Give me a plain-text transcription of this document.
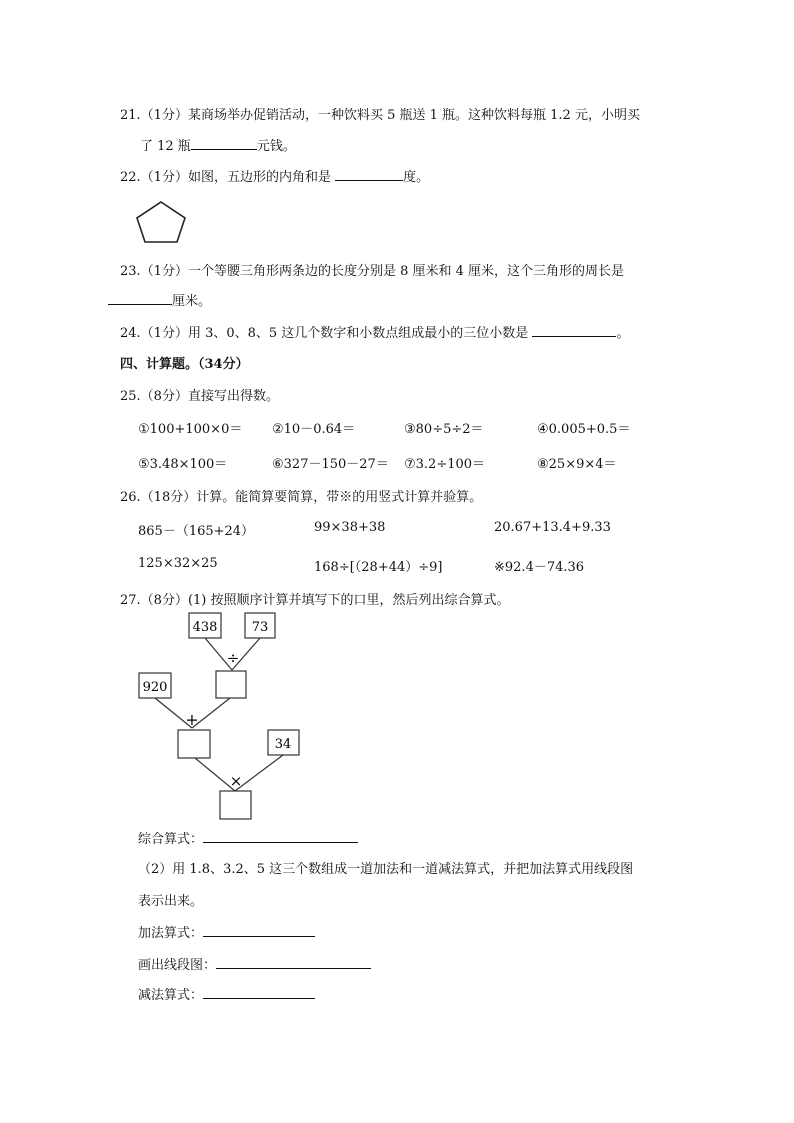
21.（1分）某商场举办促销活动，一种饮料买 5 瓶送 1 瓶。这种饮料每瓶 1.2 元，小明买
了 12 瓶	元钱。
22.（1分）如图，五边形的内角和是	度。
23.（1分）一个等腰三角形两条边的长度分别是 8 厘米和 4 厘米，这个三角形的周长是
厘米。
24.（1分）用 3、0、8、5 这几个数字和小数点组成最小的三位小数是	。
四、计算题。（34分）
25.（8分）直接写出得数。
①100+100×0＝ ②10－0.64＝	③80÷5÷2＝	④0.005+0.5＝
⑤3.48×100＝	⑥327－150－27＝ ⑦3.2÷100＝	⑧25×9×4＝
26.（18分）计算。能简算要简算，带※的用竖式计算并验算。
865－（165+24）	99×38+38	20.67+13.4+9.33
125×32×25	168÷[（28+44）÷9]	※92.4－74.36
27.（8分）(1) 按照顺序计算并填写下的口里，然后列出综合算式。
438	73
÷
920
+
34
×
综合算式：
（2）用 1.8、3.2、5 这三个数组成一道加法和一道减法算式，并把加法算式用线段图
表示出来。
加法算式：
画出线段图：
减法算式：
